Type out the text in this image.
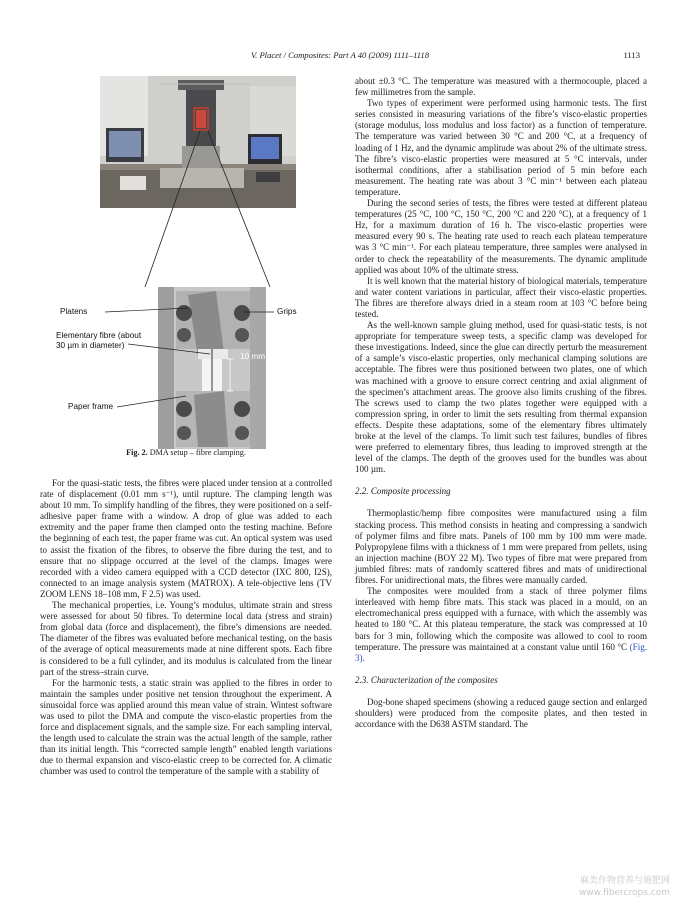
V. Placet / Composites: Part A 40 (2009) 1111–1118	1113
Platens	Grips
Elementary fibre (about 30 µm in diameter)
10 mm
Paper frame
Fig. 2. DMA setup – fibre clamping.

For the quasi-static tests, the fibres were placed under tension at a controlled rate of displacement (0.01 mm s⁻¹), until rupture. The clamping length was about 10 mm. To simplify handling of the fibres, they were positioned on a self-adhesive paper frame with a window. A drop of glue was added to each extremity and the paper frame then clamped onto the testing machine. Before the beginning of each test, the paper frame was cut. An optical system was used to assist the fixation of the fibres, to observe the fibre during the test, and to ensure that no slippage occurred at the level of the clamps. Images were recorded with a video camera equipped with a CCD detector (IXC 800, I2S), connected to an image analysis system (MATROX). A tele-objective lens (TV ZOOM LENS 18–108 mm, F 2.5) was used.

The mechanical properties, i.e. Young’s modulus, ultimate strain and stress were assessed for about 50 fibres. To determine local data (stress and strain) from global data (force and displacement), the fibre’s dimensions are needed. The diameter of the fibres was evaluated before mechanical testing, on the basis of the average of optical measurements made at nine different spots. Each fibre is considered to be a full cylinder, and its modulus is calculated from the linear part of the stress–strain curve.

For the harmonic tests, a static strain was applied to the fibres in order to maintain the samples under positive net tension throughout the experiment. A sinusoidal force was applied around this mean value of strain. Wintest software was used to pilot the DMA and compute the visco-elastic properties from the force and displacement signals, and the sample size. For each sampling interval, the length used to calculate the strain was the actual length of the sample, rather than its initial length. This “corrected sample length” enabled length variations due to thermal expansion and visco-elastic creep to be corrected for. A climatic chamber was used to control the temperature of the sample with a stability of

about ±0.3 °C. The temperature was measured with a thermocouple, placed a few millimetres from the sample.

Two types of experiment were performed using harmonic tests. The first series consisted in measuring variations of the fibre’s visco-elastic properties (storage modulus, loss modulus and loss factor) as a function of temperature. The temperature was varied between 30 °C and 200 °C, at a frequency of loading of 1 Hz, and the dynamic amplitude was about 2% of the ultimate stress. The fibre’s visco-elastic properties were measured at 5 °C intervals, under isothermal conditions, after a stabilisation period of 5 min before each measurement. The heating rate was about 3 °C min⁻¹ between each plateau temperature.

During the second series of tests, the fibres were tested at different plateau temperatures (25 °C, 100 °C, 150 °C, 200 °C and 220 °C), at a frequency of 1 Hz, for a maximum duration of 16 h. The visco-elastic properties were measured every 90 s. The heating rate used to reach each plateau temperature was 3 °C min⁻¹. For each plateau temperature, three samples were analysed in order to check the repeatability of the measurements. The dynamic amplitude applied was about 10% of the ultimate stress.

It is well known that the material history of biological materials, temperature and water content variations in particular, affect their visco-elastic properties. The fibres are therefore always dried in a steam room at 103 °C before being tested.

As the well-known sample gluing method, used for quasi-static tests, is not appropriate for temperature sweep tests, a specific clamp was developed for these investigations. Indeed, since the glue can directly perturb the measurement of a sample’s visco-elastic properties, only mechanical clamping solutions are acceptable. The fibres were thus positioned between two plates, one of which was machined with a groove to ensure correct centring and axial alignment of the specimen’s attachment areas. The groove also limits crushing of the fibres. The screws used to clamp the two plates together were equipped with a compression spring, in order to limit the sets resulting from thermal expansion effects. Despite these adaptations, some of the elementary fibres ultimately broke at the level of the clamps. To limit such test failures, bundles of fibres were preferred to elementary fibres, thus leading to improved strength at the level of the clamps. The depth of the grooves used for the bundles was about 100 µm.

2.2. Composite processing

Thermoplastic/hemp fibre composites were manufactured using a film stacking process. This method consists in heating and compressing a sandwich of polymer films and fibre mats. Panels of 100 mm by 100 mm were made. Polypropylene films with a thickness of 1 mm were prepared from pellets, using an injection machine (BOY 22 M). Two types of fibre mat were prepared from jumbled fibres: mats of randomly scattered fibres and mats of unidirectional fibres. For unidirectional mats, the fibres were manually carded.

The composites were moulded from a stack of three polymer films interleaved with hemp fibre mats. This stack was placed in a mould, on an electromechanical press equipped with a furnace, with which the assembly was heated to 180 °C. At this plateau temperature, the stack was compressed at 10 bars for 3 min, following which the composite was allowed to cool to room temperature. The pressure was maintained at a constant value until 160 °C (Fig. 3).

2.3. Characterization of the composites

Dog-bone shaped specimens (showing a reduced gauge section and enlarged shoulders) were produced from the composite plates, and then tested in accordance with the D638 ASTM standard. The

麻类作物营养与施肥网
www.fibercrops.com
